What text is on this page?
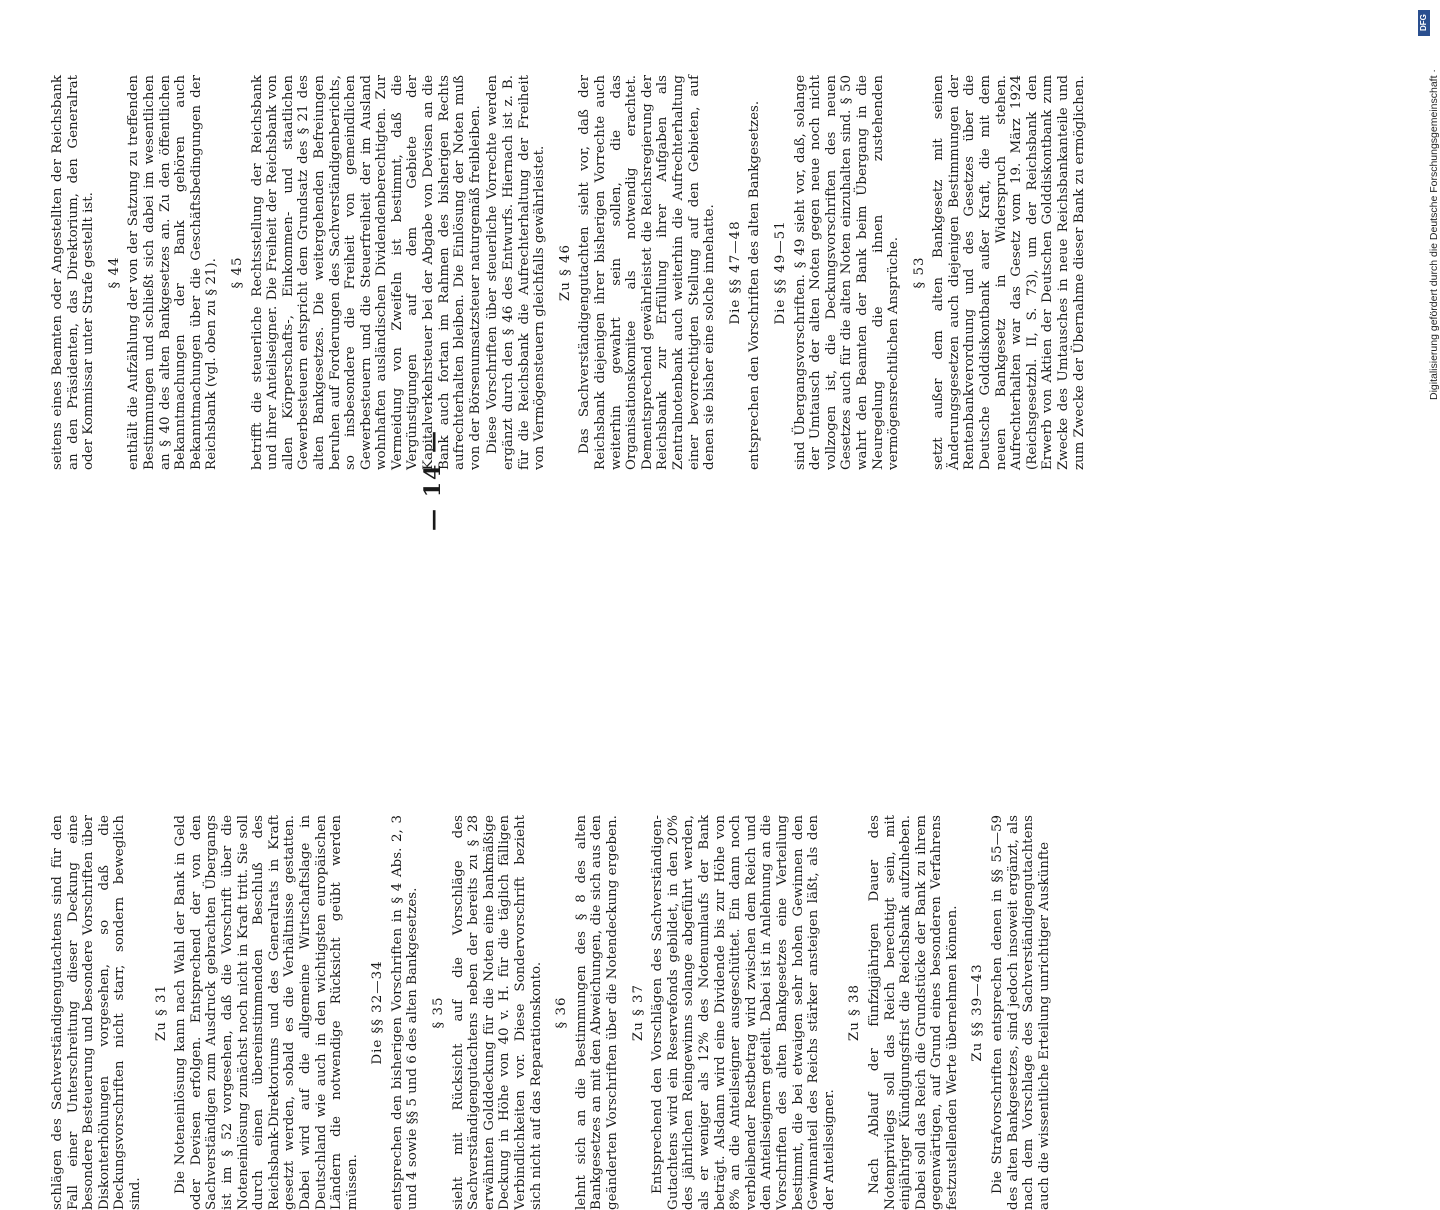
— 14 —
schlägen des Sachverständigengutachtens sind für den Fall einer Unterschreitung dieser Deckung eine besondere Besteuerung und besondere Vorschriften über Diskonterhöhungen vorgesehen, so daß die Deckungsvorschriften nicht starr, sondern beweglich sind.
Zu § 31 Die Noteneinlösung kann nach Wahl der Bank in Geld oder Devisen erfolgen. Entsprechend der von den Sachverständigen zum Ausdruck gebrachten Übergangs ist im § 52 vorgesehen, daß die Vorschrift über die Noteneinlösung zunächst noch nicht in Kraft tritt. Sie soll durch einen übereinstimmenden Beschluß des Reichsbank-Direktoriums und des Generalrats in Kraft gesetzt werden, sobald es die Verhältnisse gestatten. Dabei wird auf die allgemeine Wirtschaftslage in Deutschland wie auch in den wichtigsten europäischen Ländern die notwendige Rücksicht geübt werden müssen.
Die §§ 32—34 entsprechen den bisherigen Vorschriften in § 4 Abs. 2, 3 und 4 sowie §§ 5 und 6 des alten Bankgesetzes. § 35 sieht mit Rücksicht auf die Vorschläge des Sachverständigengutachtens neben der bereits zu § 28 erwähnten Golddeckung für die Noten eine bankmäßige Deckung in Höhe von 40 v. H. für die täglich fälligen Verbindlichkeiten vor. Diese Sondervorschrift bezieht sich nicht auf das Reparationskonto. § 36 lehnt sich an die Bestimmungen des § 8 des alten Bankgesetzes an mit den Abweichungen, die sich aus den geänderten Vorschriften über die Notendeckung ergeben. Zu § 37 Entsprechend den Vorschlägen des Sachverständigen-Gutachtens wird ein Reservefonds gebildet, in den 20% des jährlichen Reingewinns solange abgeführt werden, als er weniger als 12% des Notenumlaufs der Bank beträgt. Alsdann wird eine Dividende bis zur Höhe von 8% an die Anteilseigner ausgeschüttet. Ein dann noch verbleibender Restbetrag wird zwischen dem Reich und den Anteilseignern geteilt. Dabei ist in Anlehnung an die Vorschriften des alten Bankgesetzes eine Verteilung bestimmt, die bei etwaigen sehr hohen Gewinnen den Gewinnanteil des Reichs stärker ansteigen läßt, als den der Anteilseigner.
Zu § 38 Nach Ablauf der fünfzigjährigen Dauer des Notenprivilegs soll das Reich berechtigt sein, mit einjähriger Kündigungsfrist die Reichsbank aufzuheben. Dabei soll das Reich die Grundstücke der Bank zu ihrem gegenwärtigen, auf Grund eines besonderen Verfahrens festzustellenden Werte übernehmen können. Zu §§ 39—43 Die Strafvorschriften entsprechen denen in §§ 55—59 des alten Bankgesetzes, sind jedoch insoweit ergänzt, als nach dem Vorschlage des Sachverständigengutachtens auch die wissentliche Erteilung unrichtiger Auskünfte
seitens eines Beamten oder Angestellten der Reichsbank an den Präsidenten, das Direktorium, den Generalrat oder Kommissar unter Strafe gestellt ist. § 44 enthält die Aufzählung der von der Satzung zu treffenden Bestimmungen und schließt sich dabei im wesentlichen an § 40 des alten Bankgesetzes an. Zu den öffentlichen Bekanntmachungen der Bank gehören auch Bekanntmachungen über die Geschäftsbedingungen der Reichsbank (vgl. oben zu § 21). § 45 betrifft die steuerliche Rechtsstellung der Reichsbank und ihrer Anteilseigner. Die Freiheit der Reichsbank von allen Körperschafts-, Einkommen- und staatlichen Gewerbesteuern entspricht dem Grundsatz des § 21 des alten Bankgesetzes. Die weitergehenden Befreiungen beruhen auf Forderungen des Sachverständigenberichts, so insbesondere die Freiheit von gemeindlichen Gewerbesteuern und die Steuerfreiheit der im Ausland wohnhaften ausländischen Dividendenberechtigten. Zur Vermeidung von Zweifeln ist bestimmt, daß die Vergünstigungen auf dem Gebiete der Kapitalverkehrsteuer bei der Abgabe von Devisen an die Bank auch fortan im Rahmen des bisherigen Rechts aufrechterhalten bleiben. Die Einlösung der Noten muß von der Börsenumsatzsteuer naturgemäß freibleiben. Diese Vorschriften über steuerliche Vorrechte werden ergänzt durch den § 46 des Entwurfs. Hiernach ist z. B. für die Reichsbank die Aufrechterhaltung der Freiheit von Vermögensteuern gleichfalls gewährleistet. Zu § 46 Das Sachverständigengutachten sieht vor, daß der Reichsbank diejenigen ihrer bisherigen Vorrechte auch weiterhin gewahrt sein sollen, die das Organisationskomitee als notwendig erachtet. Dementsprechend gewährleistet die Reichsregierung der Reichsbank zur Erfüllung ihrer Aufgaben als Zentralnotenbank auch weiterhin die Aufrechterhaltung einer bevorrechtigten Stellung auf den Gebieten, auf denen sie bisher eine solche innehatte. Die §§ 47—48 entsprechen den Vorschriften des alten Bankgesetzes. Die §§ 49—51 sind Übergangsvorschriften. § 49 sieht vor, daß, solange der Umtausch der alten Noten gegen neue noch nicht vollzogen ist, die Deckungsvorschriften des neuen Gesetzes auch für die alten Noten einzuhalten sind. § 50 wahrt den Beamten der Bank beim Übergang in die Neuregelung die ihnen zustehenden vermögensrechtlichen Ansprüche. § 53 setzt außer dem alten Bankgesetz mit seinen Änderungsgesetzen auch diejenigen Bestimmungen der Rentenbankverordnung und des Gesetzes über die Deutsche Golddiskontbank außer Kraft, die mit dem neuen Bankgesetz in Widerspruch stehen. Aufrechterhalten war das Gesetz vom 19. März 1924 (Reichsgesetzbl. II, S. 73), um der Reichsbank den Erwerb von Aktien der Deutschen Golddiskontbank zum Zwecke des Umtausches in neue Reichsbankanteile und zum Zwecke der Übernahme dieser Bank zu ermöglichen.	Digitalisierung gefördert durch die Deutsche Forschungsgemeinschaft ·
DFG
